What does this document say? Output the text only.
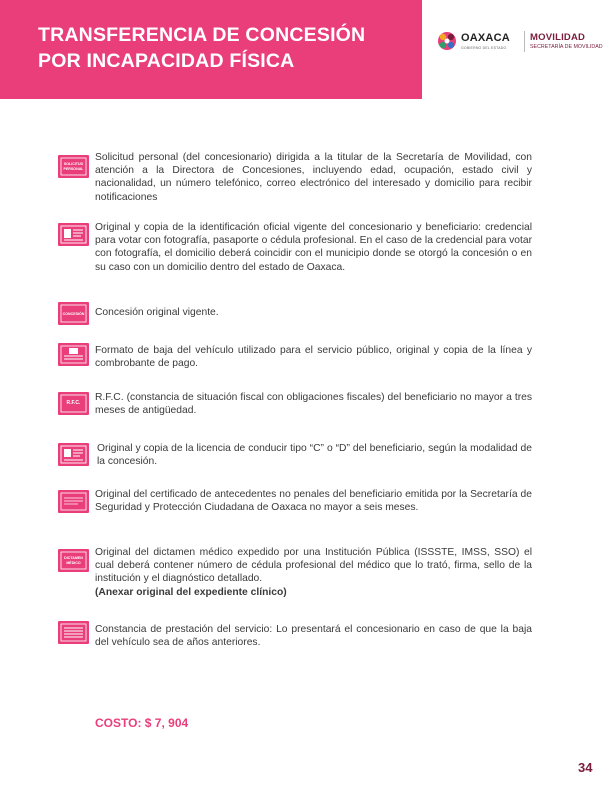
TRANSFERENCIA DE CONCESIÓN
POR INCAPACIDAD FÍSICA
OAXACA
GOBIERNO DEL ESTADO
MOVILIDAD
SECRETARÍA DE MOVILIDAD
SOLICITUD
PERSONAL

Solicitud personal (del concesionario) dirigida a la titular de la Secretaría de Movilidad, con atención a la Directora de Concesiones, incluyendo edad, ocupación, estado civil y nacionalidad, un número telefónico, correo electrónico del interesado y domicilio para recibir notificaciones

Original y copia de la identificación oficial vigente del concesionario y beneficiario: credencial para votar con fotografía, pasaporte o cédula profesional. En el caso de la credencial para votar con fotografía, el domicilio deberá coincidir con el municipio donde se otorgó la concesión o en su caso con un domicilio dentro del estado de Oaxaca.

CONCESIÓN	Concesión original vigente.

Formato de baja del vehículo utilizado para el servicio público, original y copia de la línea y combrobante de pago.

R.F.C.	R.F.C. (constancia de situación fiscal con obligaciones fiscales) del beneficiario no mayor a tres meses de antigüedad.

Original y copia de la licencia de conducir tipo “C” o “D” del beneficiario, según la modalidad de la concesión.

Original del certificado de antecedentes no penales del beneficiario emitida por la Secretaría de Seguridad y Protección Ciudadana de Oaxaca no mayor a seis meses.

DICTAMEN
MÉDICO

Original del dictamen médico expedido por una Institución Pública (ISSSTE, IMSS, SSO) el cual deberá contener número de cédula profesional del médico que lo trató, firma, sello de la institución y el diagnóstico detallado.
(Anexar original del expediente clínico)

Constancia de prestación del servicio: Lo presentará el concesionario en caso de que la baja del vehículo sea de años anteriores.

COSTO: $ 7, 904

34
